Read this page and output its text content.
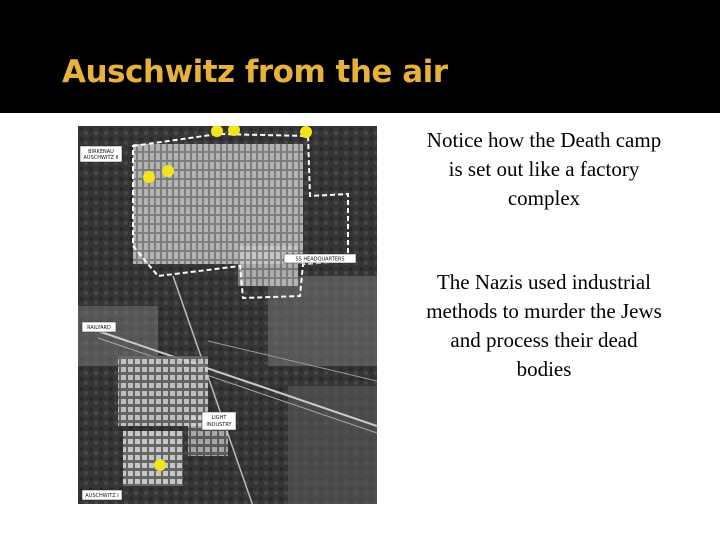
Auschwitz from the air
BIRKENAU
AUSCHWITZ II
SS HEADQUARTERS
RAILYARD
LIGHT
INDUSTRY
AUSCHWITZ I
Notice how the Death camp is set out like a factory complex
The Nazis used industrial methods to murder the Jews and process their dead bodies
